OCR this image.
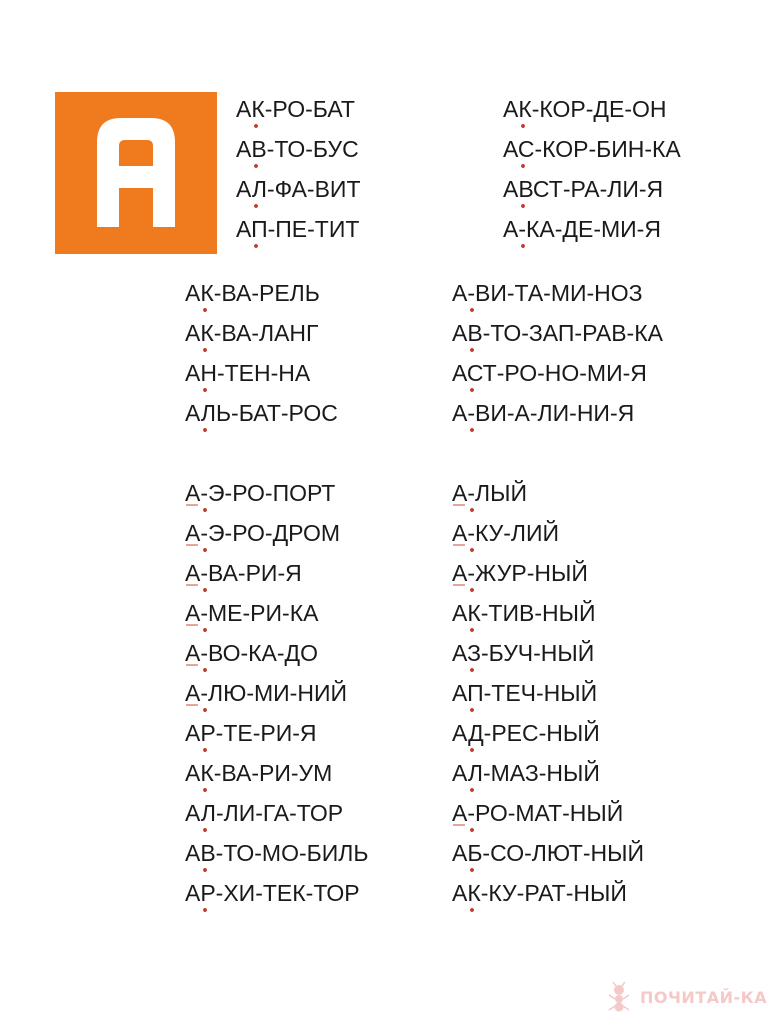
АК-РО-БАТ
АВ-ТО-БУС
АЛ-ФА-ВИТ
АП-ПЕ-ТИТ
АК-КОР-ДЕ-ОН
АС-КОР-БИН-КА
АВСТ-РА-ЛИ-Я
А-КА-ДЕ-МИ-Я
АК-ВА-РЕЛЬ
АК-ВА-ЛАНГ
АН-ТЕН-НА
АЛЬ-БАТ-РОС
А-ВИ-ТА-МИ-НОЗ
АВ-ТО-ЗАП-РАВ-КА
АСТ-РО-НО-МИ-Я
А-ВИ-А-ЛИ-НИ-Я
А-Э-РО-ПОРТ
А-Э-РО-ДРОМ
А-ВА-РИ-Я
А-МЕ-РИ-КА
А-ВО-КА-ДО
А-ЛЮ-МИ-НИЙ
АР-ТЕ-РИ-Я
АК-ВА-РИ-УМ
АЛ-ЛИ-ГА-ТОР
АВ-ТО-МО-БИЛЬ
АР-ХИ-ТЕК-ТОР
А-ЛЫЙ
А-КУ-ЛИЙ
А-ЖУР-НЫЙ
АК-ТИВ-НЫЙ
АЗ-БУЧ-НЫЙ
АП-ТЕЧ-НЫЙ
АД-РЕС-НЫЙ
АЛ-МАЗ-НЫЙ
А-РО-МАТ-НЫЙ
АБ-СО-ЛЮТ-НЫЙ
АК-КУ-РАТ-НЫЙ
ПОЧИТАЙ-КА
